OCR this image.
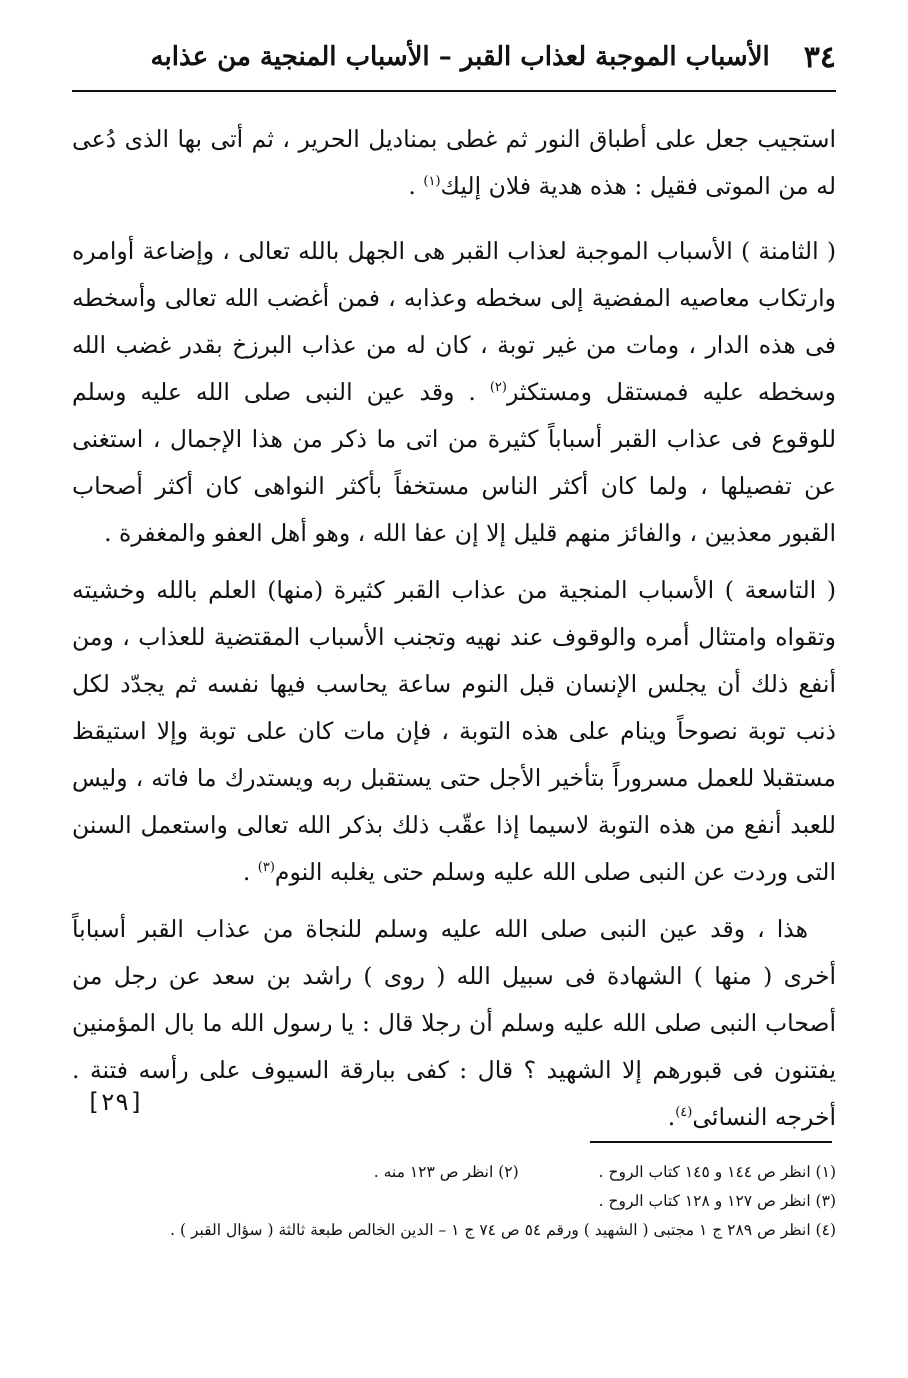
٣٤
الأسباب الموجبة لعذاب القبر – الأسباب المنجية من عذابه

استجيب جعل على أطباق النور ثم غطى بمناديل الحرير ، ثم أتى بها الذى دُعى له من الموتى فقيل : هذه هدية فلان إليك$^{(١)}$ .

( الثامنة ) الأسباب الموجبة لعذاب القبر هى الجهل بالله تعالى ، وإضاعة أوامره وارتكاب معاصيه المفضية إلى سخطه وعذابه ، فمن أغضب الله تعالى وأسخطه فى هذه الدار ، ومات من غير توبة ، كان له من عذاب البرزخ بقدر غضب الله وسخطه عليه فمستقل ومستكثر$^{(٢)}$ . وقد عين النبى صلى الله عليه وسلم للوقوع فى عذاب القبر أسباباً كثيرة من اتى ما ذكر من هذا الإجمال ، استغنى عن تفصيلها ، ولما كان أكثر الناس مستخفاً بأكثر النواهى كان أكثر أصحاب القبور معذبين ، والفائز منهم قليل إلا إن عفا الله ، وهو أهل العفو والمغفرة .

( التاسعة ) الأسباب المنجية من عذاب القبر كثيرة (منها) العلم بالله وخشيته وتقواه وامتثال أمره والوقوف عند نهيه وتجنب الأسباب المقتضية للعذاب ، ومن أنفع ذلك أن يجلس الإنسان قبل النوم ساعة يحاسب فيها نفسه ثم يجدّد لكل ذنب توبة نصوحاً وينام على هذه التوبة ، فإن مات كان على توبة وإلا استيقظ مستقبلا للعمل مسروراً بتأخير الأجل حتى يستقبل ربه ويستدرك ما فاته ، وليس للعبد أنفع من هذه التوبة لاسيما إذا عقّب ذلك بذكر الله تعالى واستعمل السنن التى وردت عن النبى صلى الله عليه وسلم حتى يغلبه النوم$^{(٣)}$ .

هذا ، وقد عين النبى صلى الله عليه وسلم للنجاة من عذاب القبر أسباباً أخرى ( منها ) الشهادة فى سبيل الله ( روى ) راشد بن سعد عن رجل من أصحاب النبى صلى الله عليه وسلم أن رجلا قال : يا رسول الله ما بال المؤمنين يفتنون فى قبورهم إلا الشهيد ؟ قال : كفى ببارقة السيوف على رأسه فتنة . أخرجه النسائى$^{(٤)}$.

[٢٩]
(١) انظر ص ١٤٤ و ١٤٥ كتاب الروح .
(٢) انظر ص ١٢٣ منه .
(٣) انظر ص ١٢٧ و ١٢٨ كتاب الروح .
(٤) انظر ص ٢٨٩ ج ١ مجتبى ( الشهيد ) ورقم ٥٤ ص ٧٤ ج ١ – الدين الخالص طبعة ثالثة ( سؤال القبر ) .
